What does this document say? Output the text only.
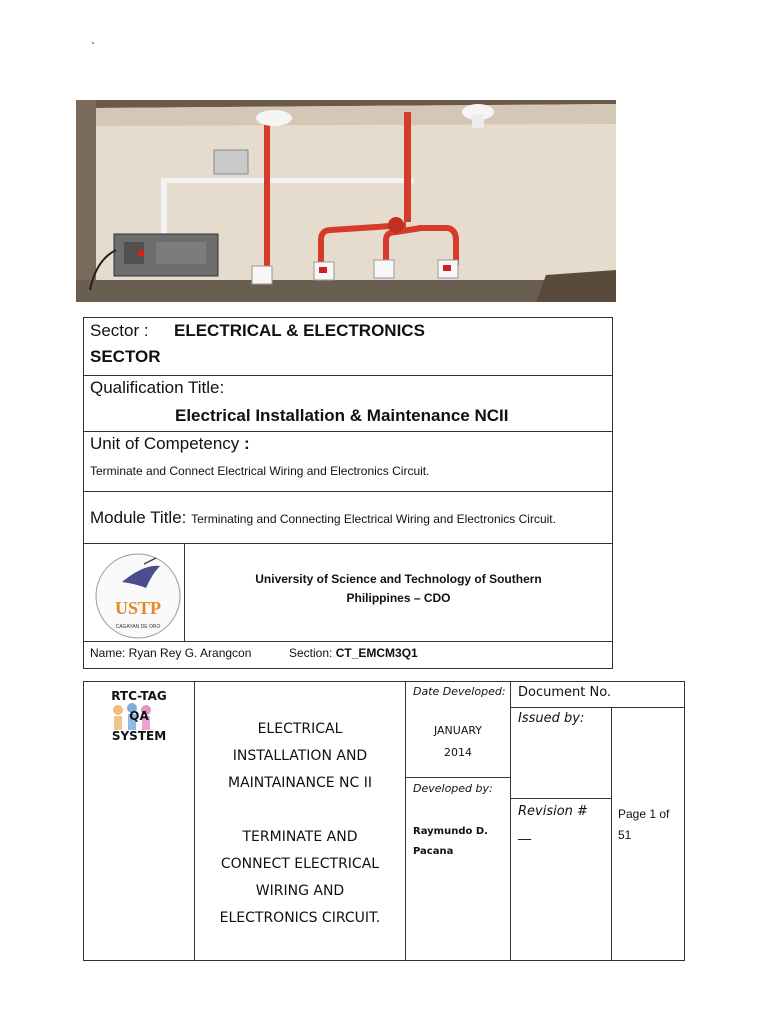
`
Sector : ELECTRICAL & ELECTRONICS
SECTOR
Qualification Title:
Electrical Installation & Maintenance NCII
Unit of Competency :
Terminate and Connect Electrical Wiring and Electronics Circuit.
Module Title: Terminating and Connecting Electrical Wiring and Electronics Circuit.
USTP
CAGAYAN DE ORO
University of Science and Technology of Southern
Philippines – CDO
Name: Ryan Rey G. Arangcon	Section: CT_EMCM3Q1
RTC-TAG
QA
SYSTEM	ELECTRICAL
INSTALLATION AND
MAINTAINANCE NC II
TERMINATE AND
CONNECT ELECTRICAL
WIRING AND
ELECTRONICS CIRCUIT.
Date Developed:
JANUARY
2014
Developed by:
Raymundo D.
Pacana
Document No.
Issued by:
Revision #
__
Page 1 of
51
